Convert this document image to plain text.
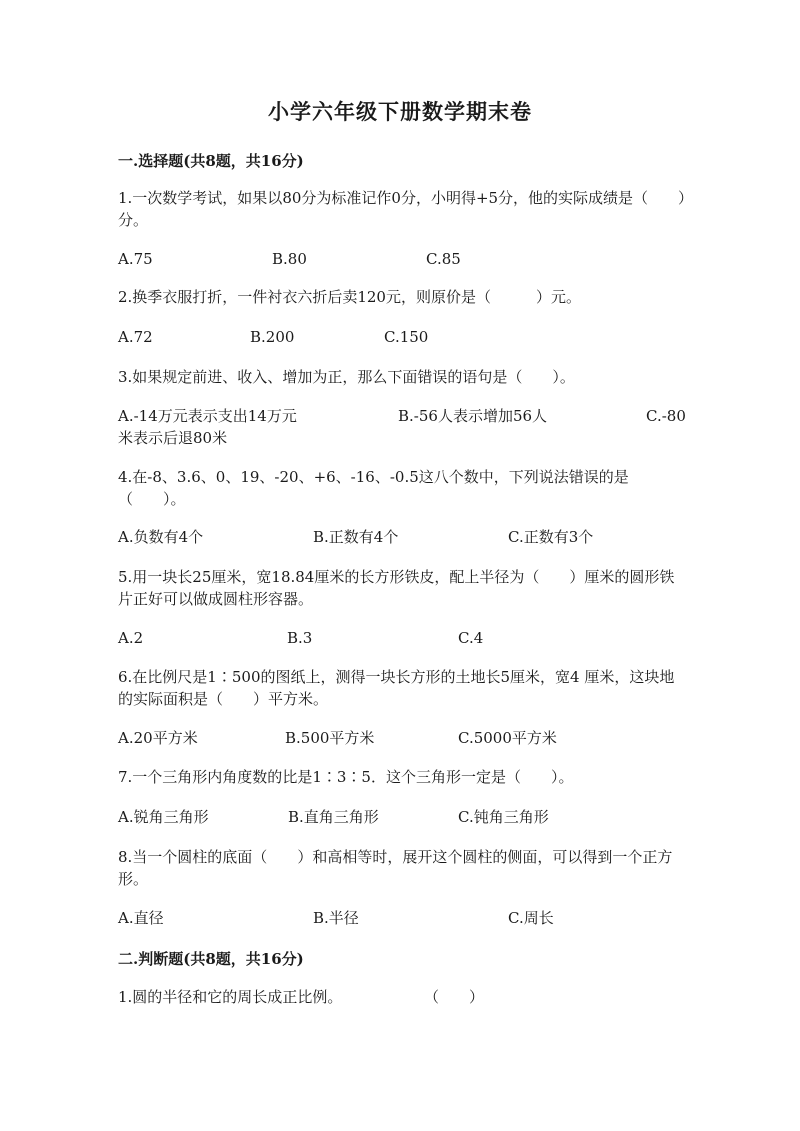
小学六年级下册数学期末卷
一.选择题(共8题，共16分)
1.一次数学考试，如果以80分为标准记作0分，小明得+5分，他的实际成绩是（　　）分。
A.75	B.80	C.85
2.换季衣服打折，一件衬衣六折后卖120元，则原价是（　　　）元。
A.72	B.200	C.150
3.如果规定前进、收入、增加为正，那么下面错误的语句是（　　）。
A.-14万元表示支出14万元	B.-56人表示增加56人	C.-80米表示后退80米
4.在-8、3.6、0、19、-20、+6、-16、-0.5这八个数中，下列说法错误的是（　　）。
A.负数有4个	B.正数有4个	C.正数有3个
5.用一块长25厘米，宽18.84厘米的长方形铁皮，配上半径为（　　）厘米的圆形铁片正好可以做成圆柱形容器。
A.2	B.3	C.4
6.在比例尺是1∶500的图纸上，测得一块长方形的土地长5厘米，宽4 厘米，这块地的实际面积是（　　）平方米。
A.20平方米	B.500平方米	C.5000平方米
7.一个三角形内角度数的比是1∶3∶5．这个三角形一定是（　　）。
A.锐角三角形	B.直角三角形	C.钝角三角形
8.当一个圆柱的底面（　　）和高相等时，展开这个圆柱的侧面，可以得到一个正方形。
A.直径	B.半径	C.周长
二.判断题(共8题，共16分)
1.圆的半径和它的周长成正比例。	（　　）
